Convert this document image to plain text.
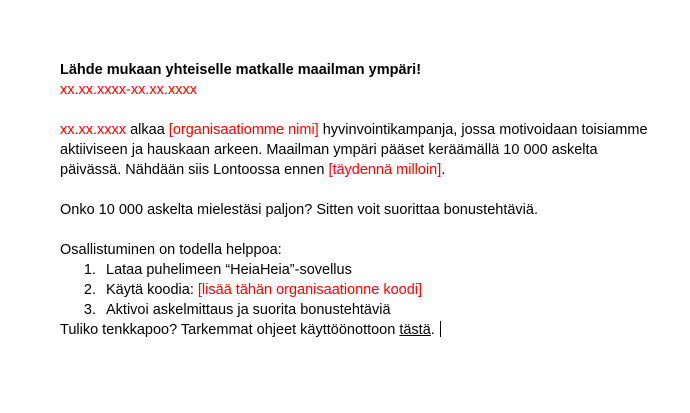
Lähde mukaan yhteiselle matkalle maailman ympäri!

xx.xx.xxxx-xx.xx.xxxx

xx.xx.xxxx alkaa [organisaatiomme nimi] hyvinvointikampanja, jossa motivoidaan toisiamme

aktiiviseen ja hauskaan arkeen. Maailman ympäri pääset keräämällä 10 000 askelta

päivässä. Nähdään siis Lontoossa ennen [täydennä milloin].

Onko 10 000 askelta mielestäsi paljon? Sitten voit suorittaa bonustehtäviä.

Osallistuminen on todella helppoa:

1. Lataa puhelimeen “HeiaHeia”-sovellus
2. Käytä koodia: [lisää tähän organisaationne koodi]
3. Aktivoi askelmittaus ja suorita bonustehtäviä

Tuliko tenkkapoo? Tarkemmat ohjeet käyttöönottoon tästä.
